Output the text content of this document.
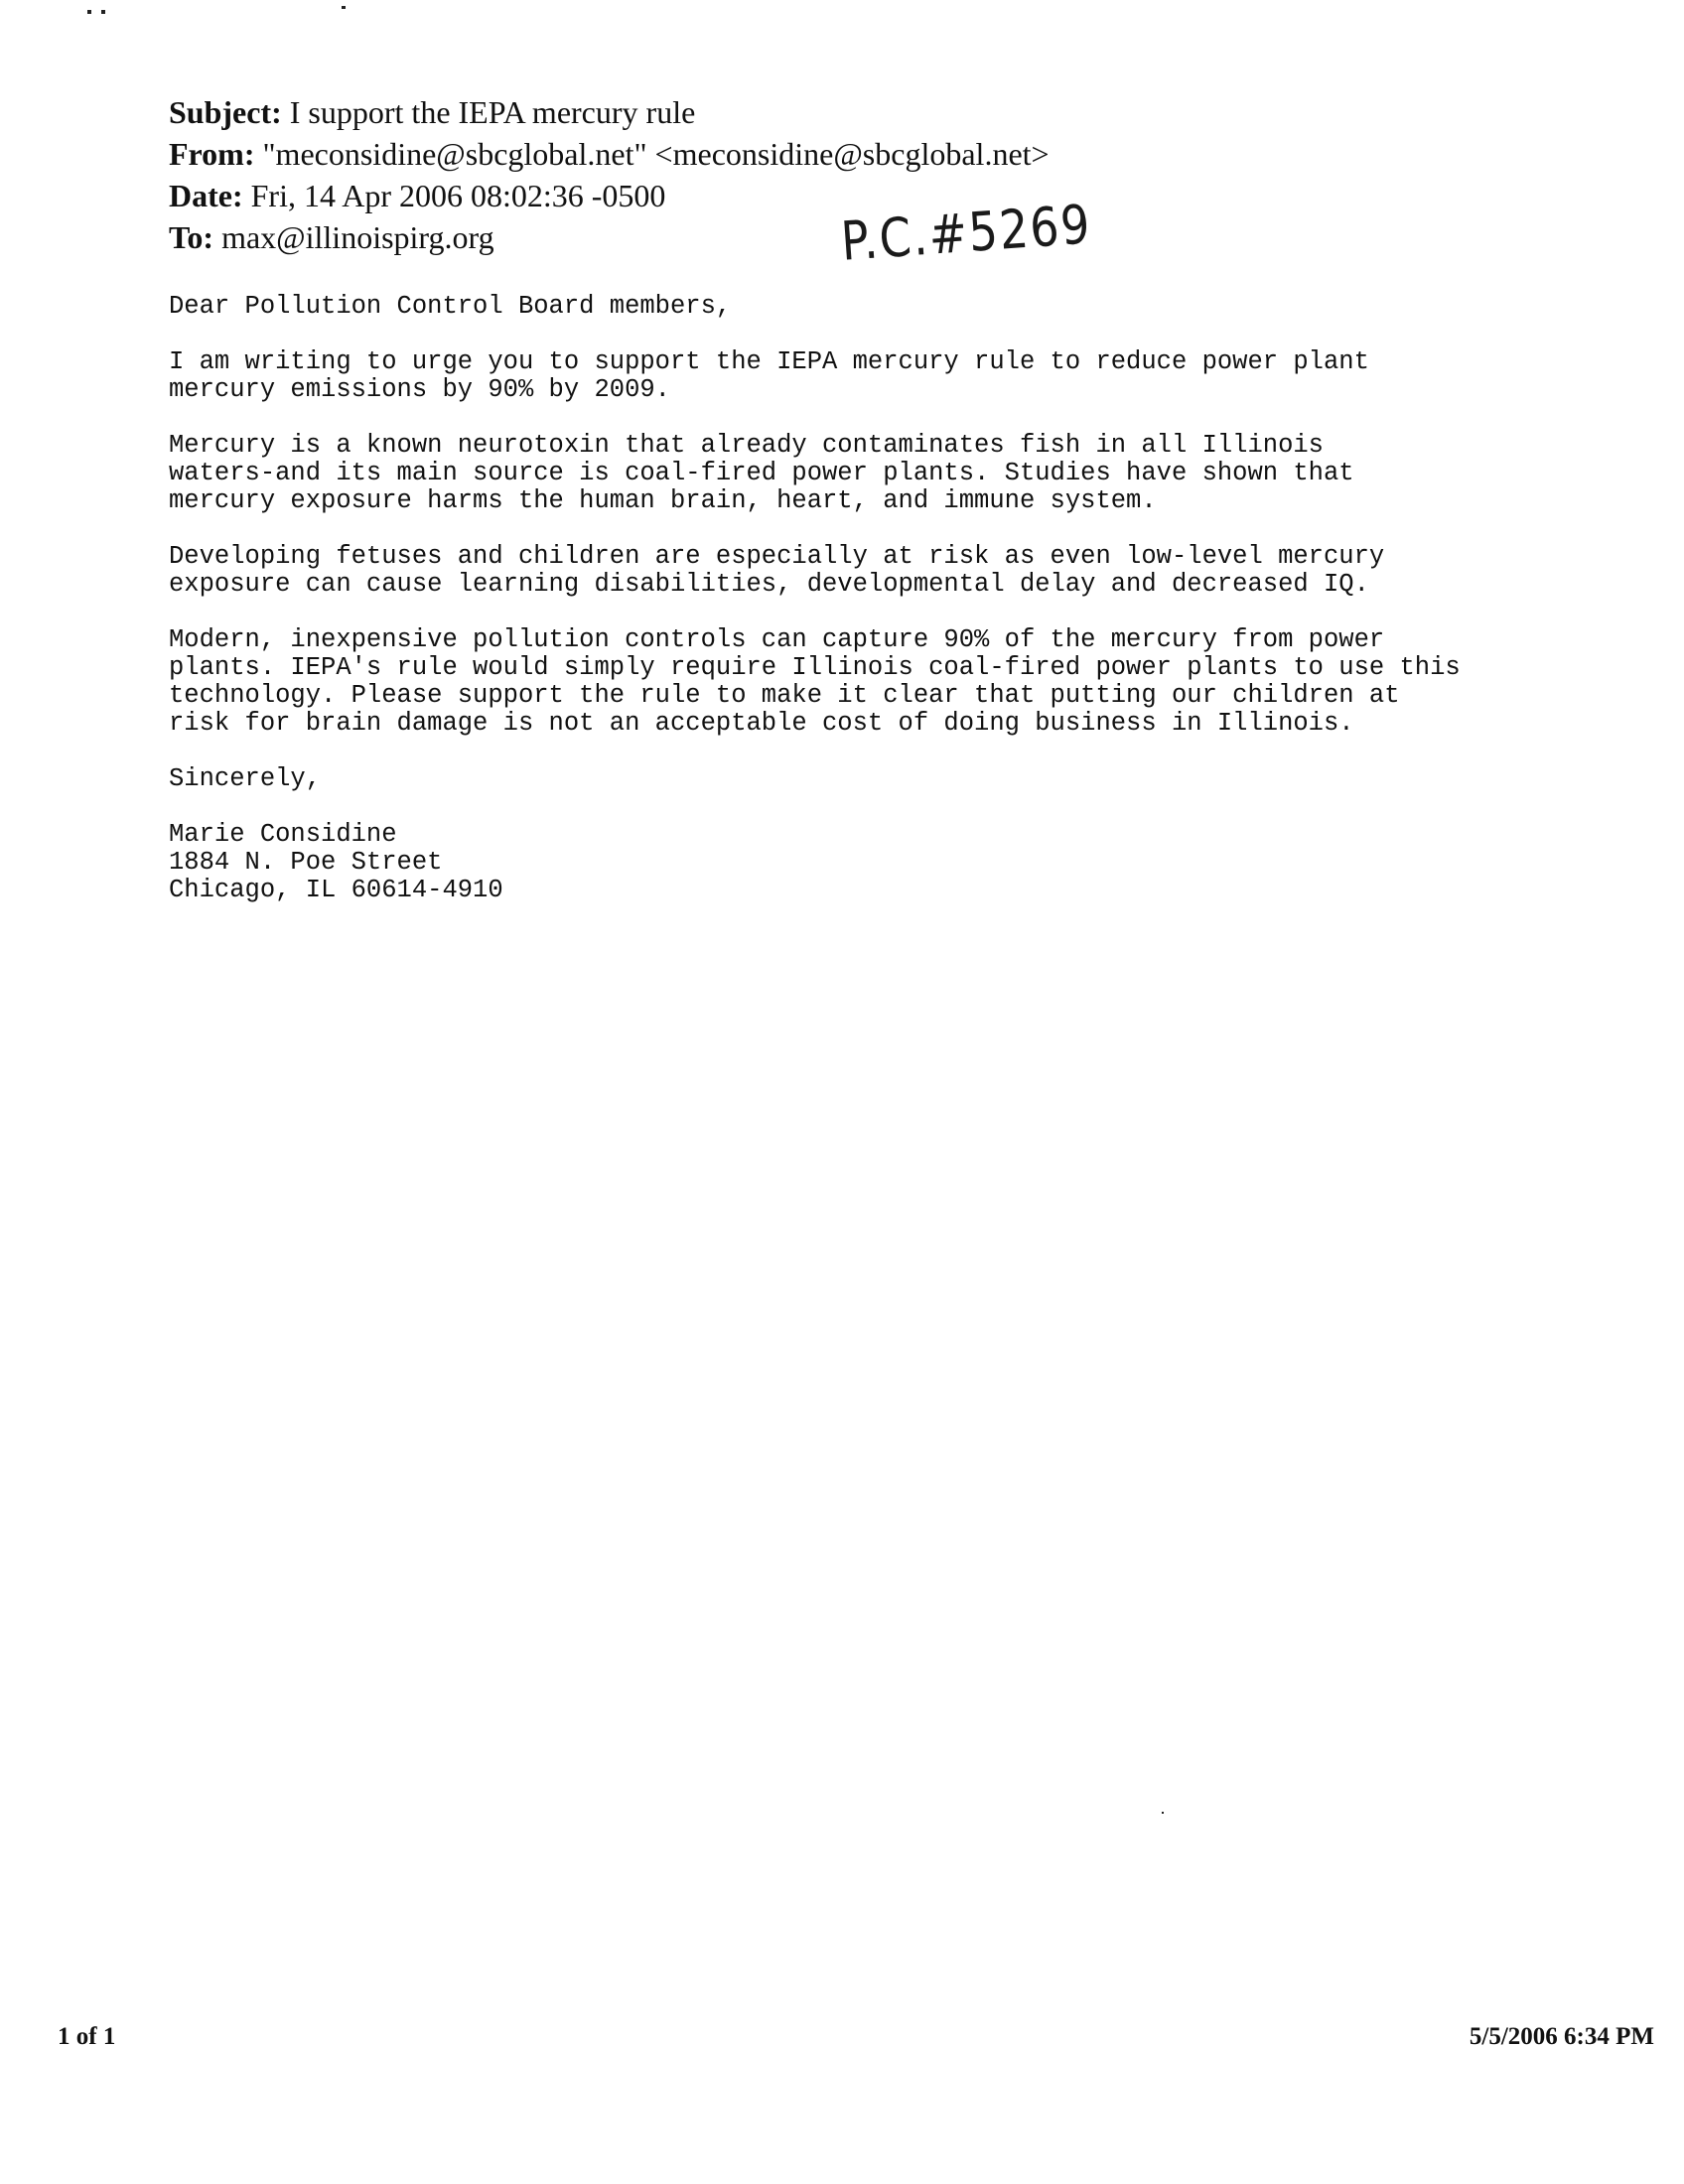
Subject: I support the IEPA mercury rule
From: "meconsidine@sbcglobal.net" <meconsidine@sbcglobal.net>
Date: Fri, 14 Apr 2006 08:02:36 -0500
To: max@illinoispirg.org	P.C.#5269
Dear Pollution Control Board members,
I am writing to urge you to support the IEPA mercury rule to reduce power plant
mercury emissions by 90% by 2009.
Mercury is a known neurotoxin that already contaminates fish in all Illinois
waters-and its main source is coal-fired power plants. Studies have shown that
mercury exposure harms the human brain, heart, and immune system.
Developing fetuses and children are especially at risk as even low-level mercury
exposure can cause learning disabilities, developmental delay and decreased IQ.
Modern, inexpensive pollution controls can capture 90% of the mercury from power
plants. IEPA's rule would simply require Illinois coal-fired power plants to use this
technology. Please support the rule to make it clear that putting our children at
risk for brain damage is not an acceptable cost of doing business in Illinois.
Sincerely,
Marie Considine
1884 N. Poe Street
Chicago, IL 60614-4910
1 of 1	5/5/2006 6:34 PM
